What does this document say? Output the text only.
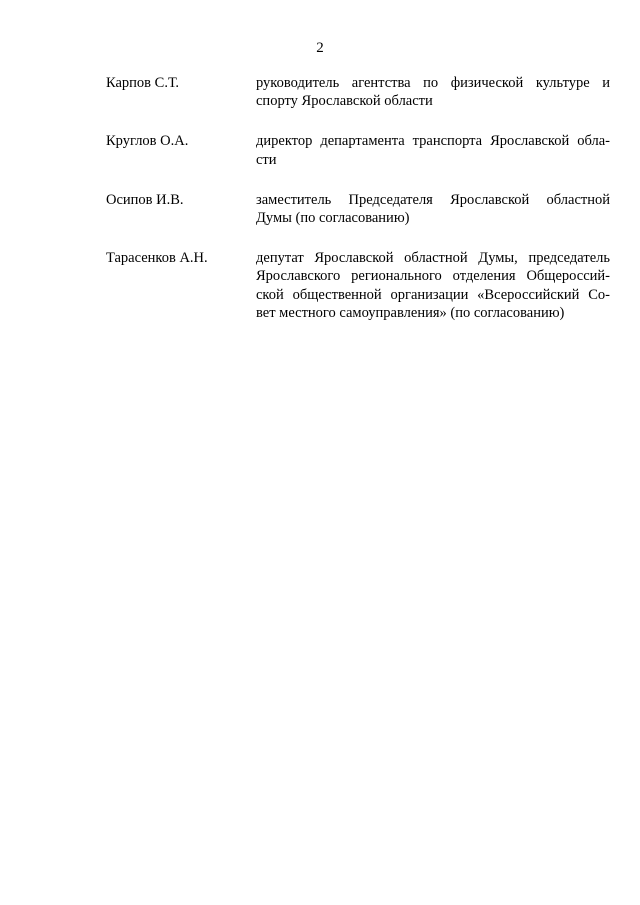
2
Карпов С.Т.	руководитель агентства по физической культуре и
спорту Ярославской области
Круглов О.А.	директор департамента транспорта Ярославской обла-
сти
Осипов И.В.	заместитель Председателя Ярославской областной
Думы (по согласованию)
Тарасенков А.Н.	депутат Ярославской областной Думы, председатель
Ярославского регионального отделения Общероссий-
ской общественной организации «Всероссийский Со-
вет местного самоуправления» (по согласованию)
